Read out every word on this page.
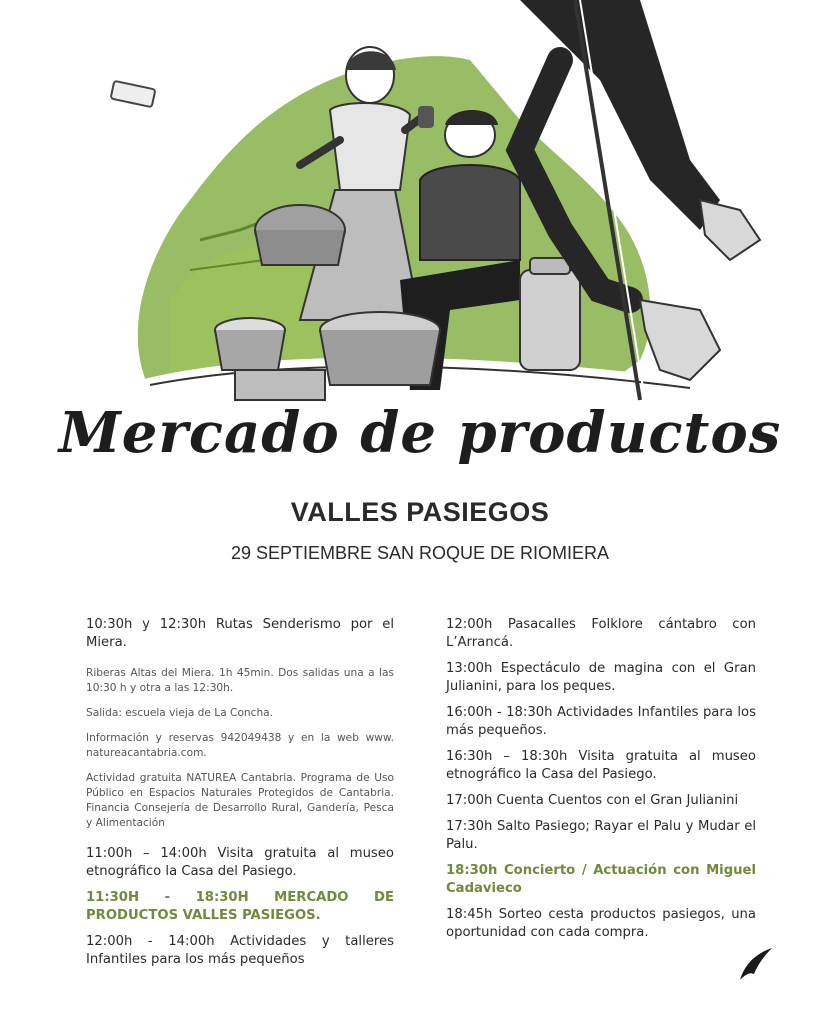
Mercado de productos
VALLES PASIEGOS
29 SEPTIEMBRE SAN ROQUE DE RIOMIERA
10:30h y 12:30h Rutas Senderismo por el Miera.
Riberas Altas del Miera. 1h 45min. Dos salidas una a las 10:30 h y otra a las 12:30h.
Salida: escuela vieja de La Concha.
Información y reservas 942049438 y en la web www. natureacantabria.com.
Actividad gratuita NATUREA Cantabria. Programa de Uso Público en Espacios Naturales Protegidos de Cantabria. Financia Consejería de Desarrollo Rural, Gandería, Pesca y Alimentación
11:00h – 14:00h Visita gratuita al museo etnográfico la Casa del Pasiego.
11:30H - 18:30H MERCADO DE PRODUCTOS VALLES PASIEGOS.
12:00h - 14:00h Actividades y talleres Infantiles para los más pequeños
12:00h Pasacalles Folklore cántabro con L’Arrancá.
13:00h Espectáculo de magina con el Gran Julianini, para los peques.
16:00h - 18:30h Actividades Infantiles para los más pequeños.
16:30h – 18:30h Visita gratuita al museo etnográfico la Casa del Pasiego.
17:00h Cuenta Cuentos con el Gran Julianini
17:30h Salto Pasiego; Rayar el Palu y Mudar el Palu.
18:30h Concierto / Actuación con Miguel Cadavieco
18:45h Sorteo cesta productos pasiegos, una oportunidad con cada compra.
